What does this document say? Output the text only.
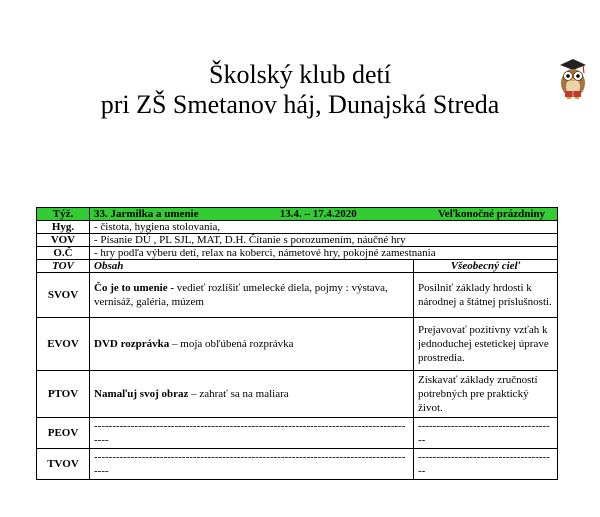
Školský klub detí
pri ZŠ Smetanov háj, Dunajská Streda
Týž.	33. Jarmilka a umenie 13.4. – 17.4.2020 Veľkonočné prázdniny	

Hyg.	- čistota, hygiena stolovania,	
VOV	- Písanie DÚ , PL SJL, MAT, D.H. Čítanie s porozumením, náučné hry	
O.Č	- hry podľa výberu detí, relax na koberci, námetové hry, pokojné zamestnania	
TOV	Obsah	Všeobecný cieľ
SVOV	Čo je to umenie - vedieť rozlíšiť umelecké diela, pojmy : výstava, vernisáž, galéria, múzem	Posilniť základy hrdosti k národnej a štátnej príslušnosti.
EVOV	DVD rozprávka – moja obľúbená rozprávka	Prejavovať pozitívny vzťah k jednoduchej estetickej úprave prostredia.
PTOV	Namaľuj svoj obraz – zahrať sa na maliara	Získavať základy zručností potrebných pre praktický život.
PEOV	-----------------------------------------------------------------------------------------	--------------------------------------
TVOV	-----------------------------------------------------------------------------------------	--------------------------------------
